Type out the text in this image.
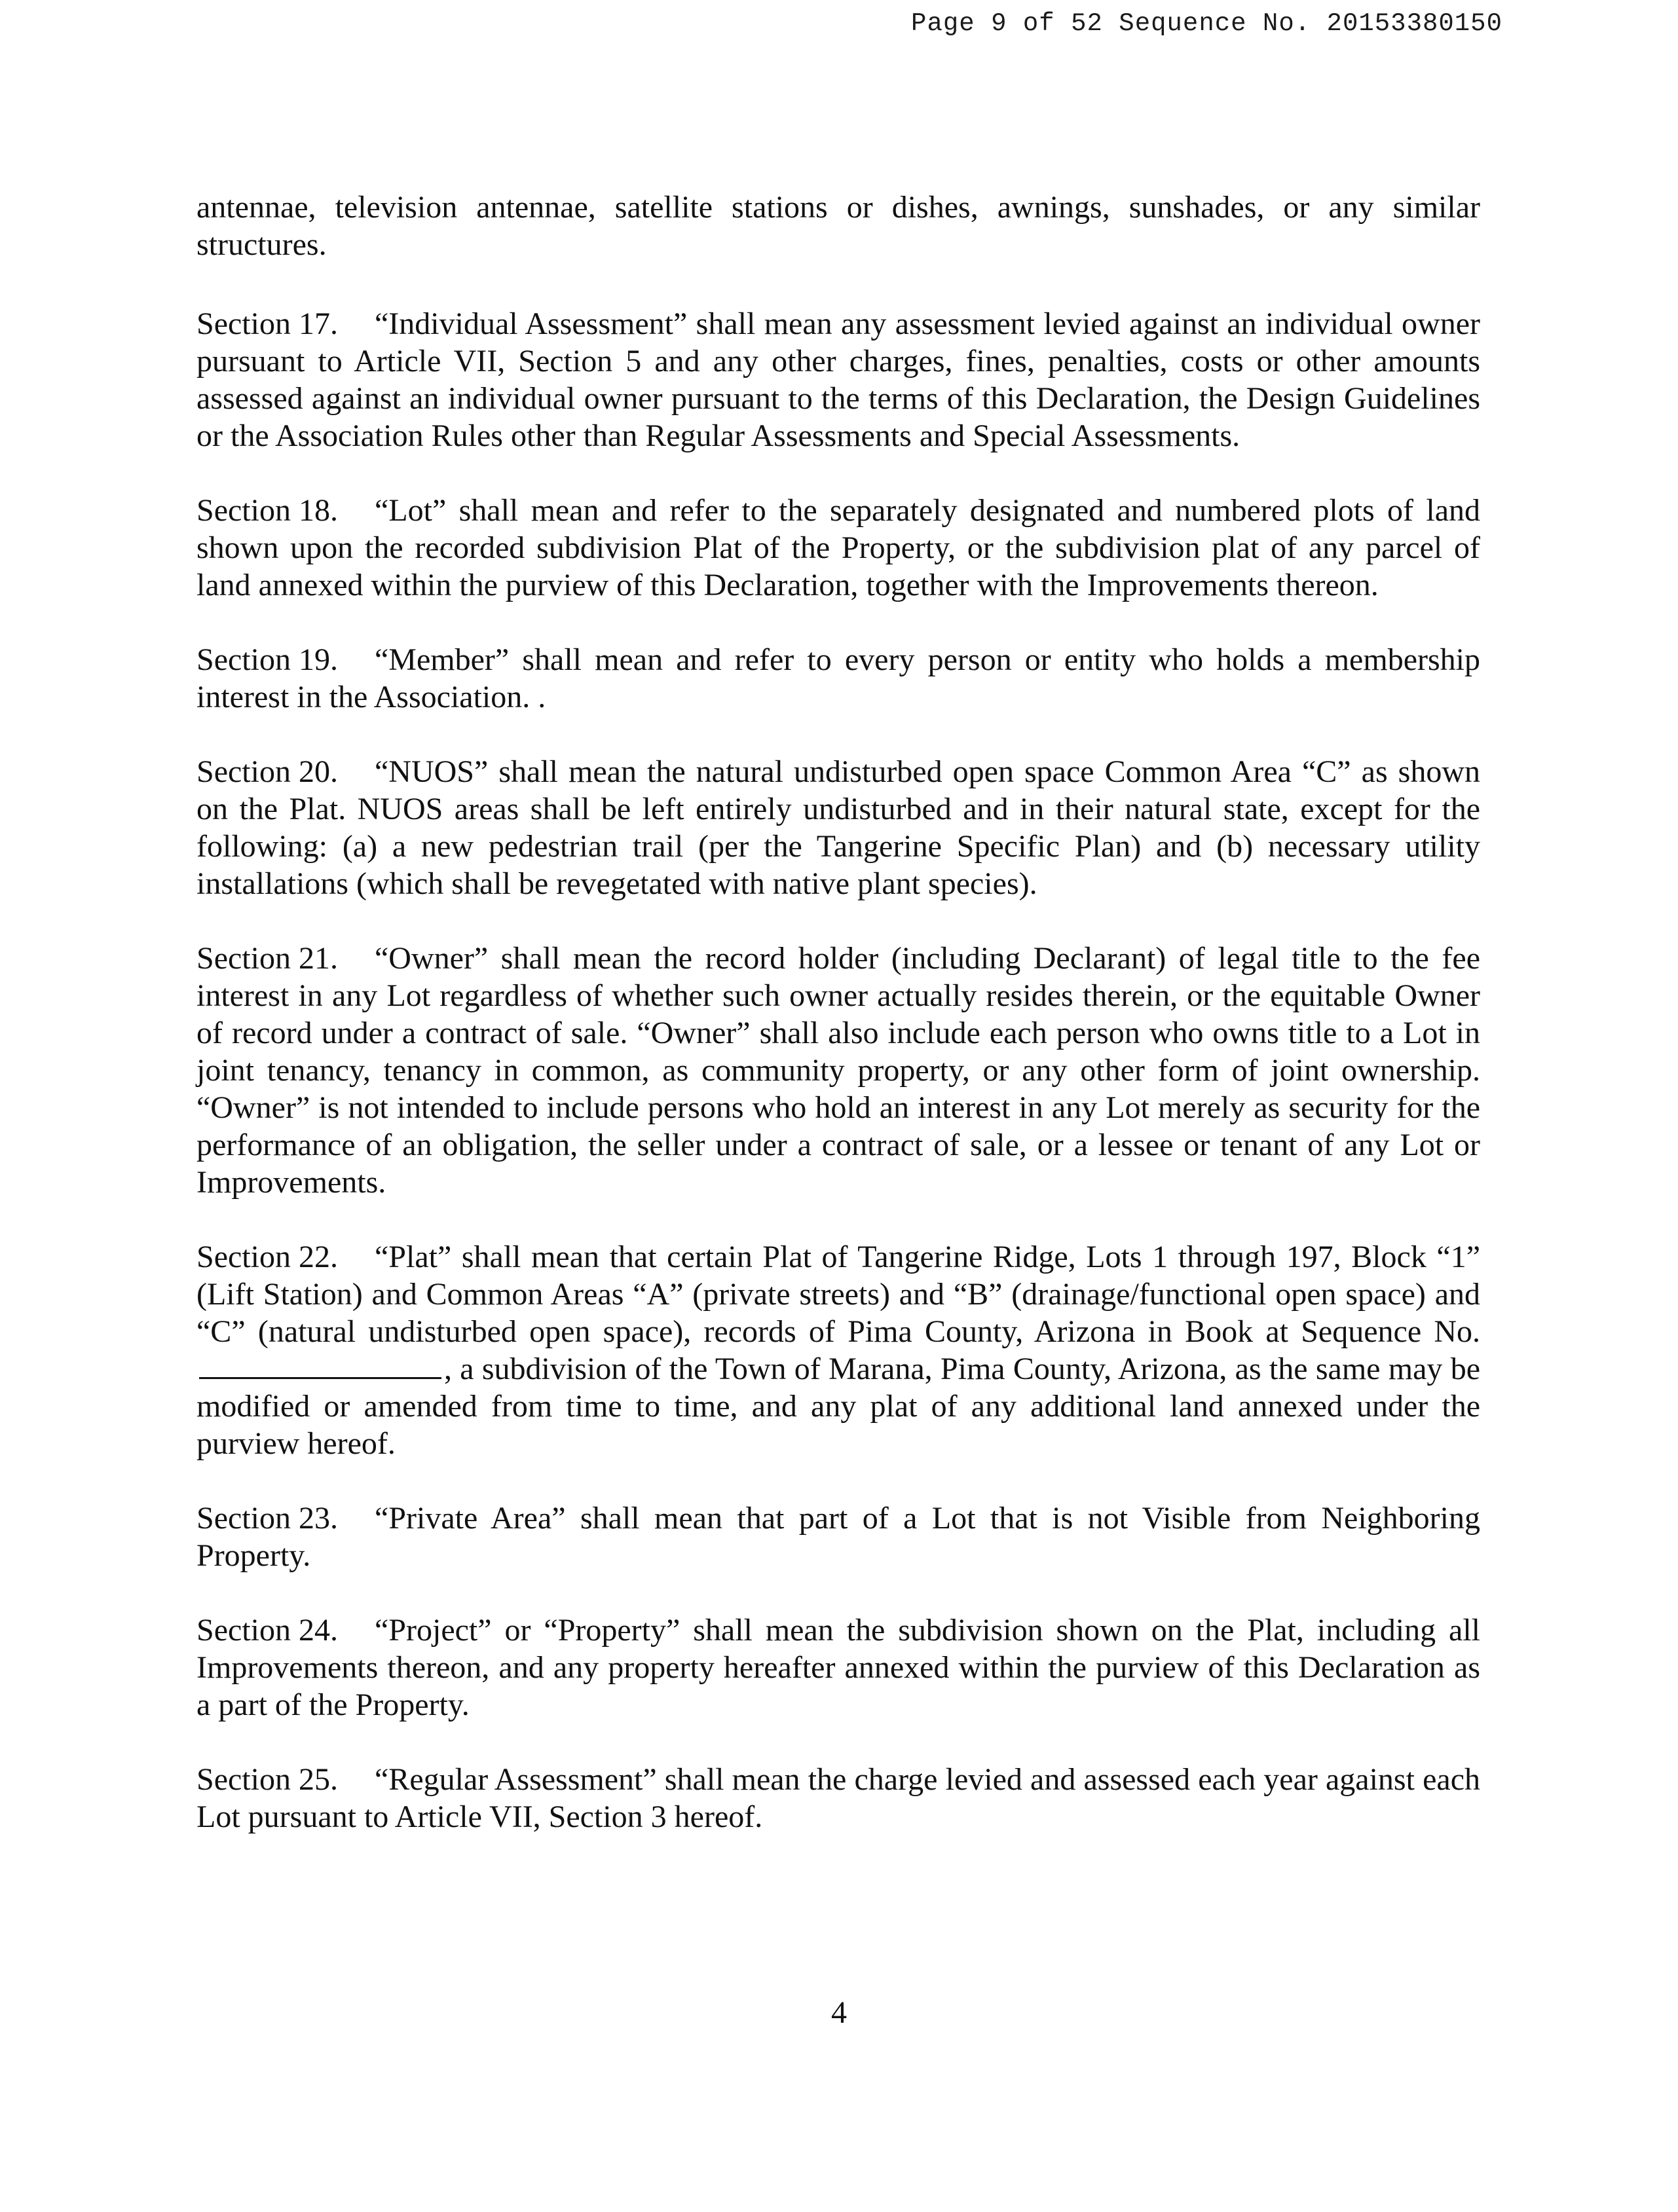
Page 9 of 52 Sequence No. 20153380150

antennae, television antennae, satellite stations or dishes, awnings, sunshades, or any similar structures.

Section 17. “Individual Assessment” shall mean any assessment levied against an individual owner pursuant to Article VII, Section 5 and any other charges, fines, penalties, costs or other amounts assessed against an individual owner pursuant to the terms of this Declaration, the Design Guidelines or the Association Rules other than Regular Assessments and Special Assessments.

Section 18. “Lot” shall mean and refer to the separately designated and numbered plots of land shown upon the recorded subdivision Plat of the Property, or the subdivision plat of any parcel of land annexed within the purview of this Declaration, together with the Improvements thereon.

Section 19. “Member” shall mean and refer to every person or entity who holds a membership interest in the Association. .

Section 20. “NUOS” shall mean the natural undisturbed open space Common Area “C” as shown on the Plat. NUOS areas shall be left entirely undisturbed and in their natural state, except for the following: (a) a new pedestrian trail (per the Tangerine Specific Plan) and (b) necessary utility installations (which shall be revegetated with native plant species).

Section 21. “Owner” shall mean the record holder (including Declarant) of legal title to the fee interest in any Lot regardless of whether such owner actually resides therein, or the equitable Owner of record under a contract of sale. “Owner” shall also include each person who owns title to a Lot in joint tenancy, tenancy in common, as community property, or any other form of joint ownership. “Owner” is not intended to include persons who hold an interest in any Lot merely as security for the performance of an obligation, the seller under a contract of sale, or a lessee or tenant of any Lot or Improvements.

Section 22. “Plat” shall mean that certain Plat of Tangerine Ridge, Lots 1 through 197, Block “1” (Lift Station) and Common Areas “A” (private streets) and “B” (drainage/functional open space) and “C” (natural undisturbed open space), records of Pima County, Arizona in Book at Sequence No., a subdivision of the Town of Marana, Pima County, Arizona, as the same may be modified or amended from time to time, and any plat of any additional land annexed under the purview hereof.

Section 23. “Private Area” shall mean that part of a Lot that is not Visible from Neighboring Property.

Section 24. “Project” or “Property” shall mean the subdivision shown on the Plat, including all Improvements thereon, and any property hereafter annexed within the purview of this Declaration as a part of the Property.

Section 25. “Regular Assessment” shall mean the charge levied and assessed each year against each Lot pursuant to Article VII, Section 3 hereof.

4
